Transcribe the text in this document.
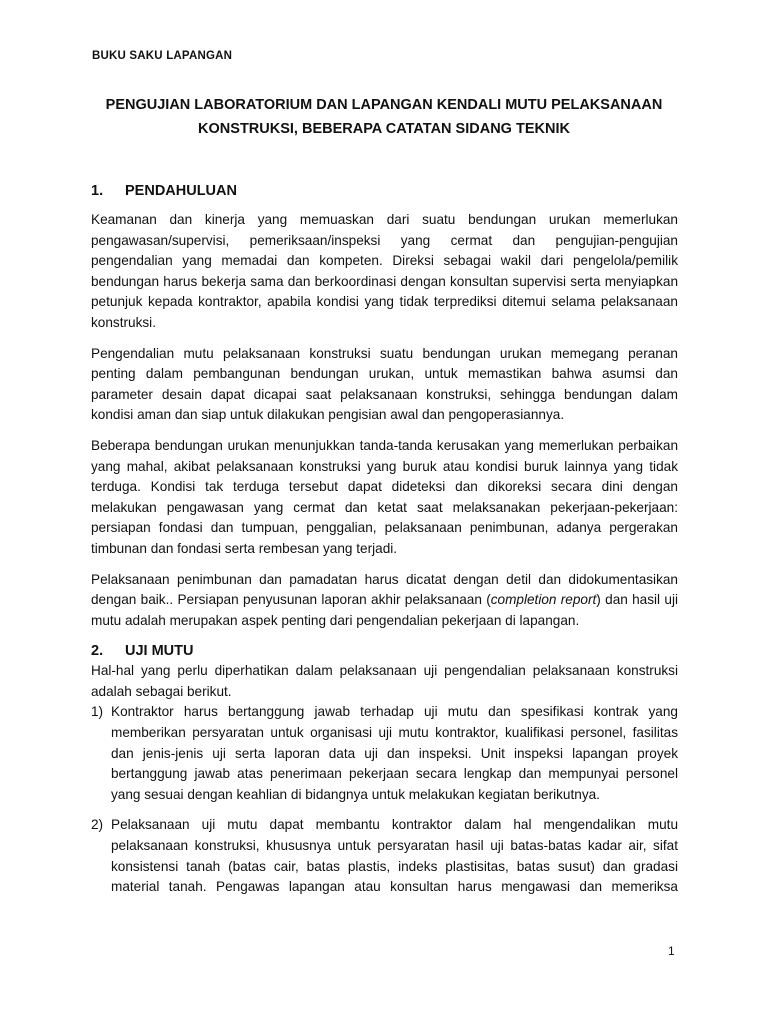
BUKU SAKU LAPANGAN
PENGUJIAN LABORATORIUM DAN LAPANGAN KENDALI MUTU PELAKSANAAN
KONSTRUKSI, BEBERAPA CATATAN SIDANG TEKNIK
1.	PENDAHULUAN

Keamanan dan kinerja yang memuaskan dari suatu bendungan urukan memerlukan pengawasan/supervisi, pemeriksaan/inspeksi yang cermat dan pengujian-pengujian pengendalian yang memadai dan kompeten. Direksi sebagai wakil dari pengelola/pemilik bendungan harus bekerja sama dan berkoordinasi dengan konsultan supervisi serta menyiapkan petunjuk kepada kontraktor, apabila kondisi yang tidak terprediksi ditemui selama pelaksanaan konstruksi.

Pengendalian mutu pelaksanaan konstruksi suatu bendungan urukan memegang peranan penting dalam pembangunan bendungan urukan, untuk memastikan bahwa asumsi dan parameter desain dapat dicapai saat pelaksanaan konstruksi, sehingga bendungan dalam kondisi aman dan siap untuk dilakukan pengisian awal dan pengoperasiannya.

Beberapa bendungan urukan menunjukkan tanda-tanda kerusakan yang memerlukan perbaikan yang mahal, akibat pelaksanaan konstruksi yang buruk atau kondisi buruk lainnya yang tidak terduga. Kondisi tak terduga tersebut dapat dideteksi dan dikoreksi secara dini dengan melakukan pengawasan yang cermat dan ketat saat melaksanakan pekerjaan-pekerjaan: persiapan fondasi dan tumpuan, penggalian, pelaksanaan penimbunan, adanya pergerakan timbunan dan fondasi serta rembesan yang terjadi.

Pelaksanaan penimbunan dan pamadatan harus dicatat dengan detil dan didokumentasikan dengan baik.. Persiapan penyusunan laporan akhir pelaksanaan (completion report) dan hasil uji mutu adalah merupakan aspek penting dari pengendalian pekerjaan di lapangan.

2.	UJI MUTU

Hal-hal yang perlu diperhatikan dalam pelaksanaan uji pengendalian pelaksanaan konstruksi adalah sebagai berikut.

1) Kontraktor harus bertanggung jawab terhadap uji mutu dan spesifikasi kontrak yang memberikan persyaratan untuk organisasi uji mutu kontraktor, kualifikasi personel, fasilitas dan jenis-jenis uji serta laporan data uji dan inspeksi. Unit inspeksi lapangan proyek bertanggung jawab atas penerimaan pekerjaan secara lengkap dan mempunyai personel yang sesuai dengan keahlian di bidangnya untuk melakukan kegiatan berikutnya.
2) Pelaksanaan uji mutu dapat membantu kontraktor dalam hal mengendalikan mutu pelaksanaan konstruksi, khususnya untuk persyaratan hasil uji batas-batas kadar air, sifat konsistensi tanah (batas cair, batas plastis, indeks plastisitas, batas susut) dan gradasi material tanah. Pengawas lapangan atau konsultan harus mengawasi dan memeriksa
1
